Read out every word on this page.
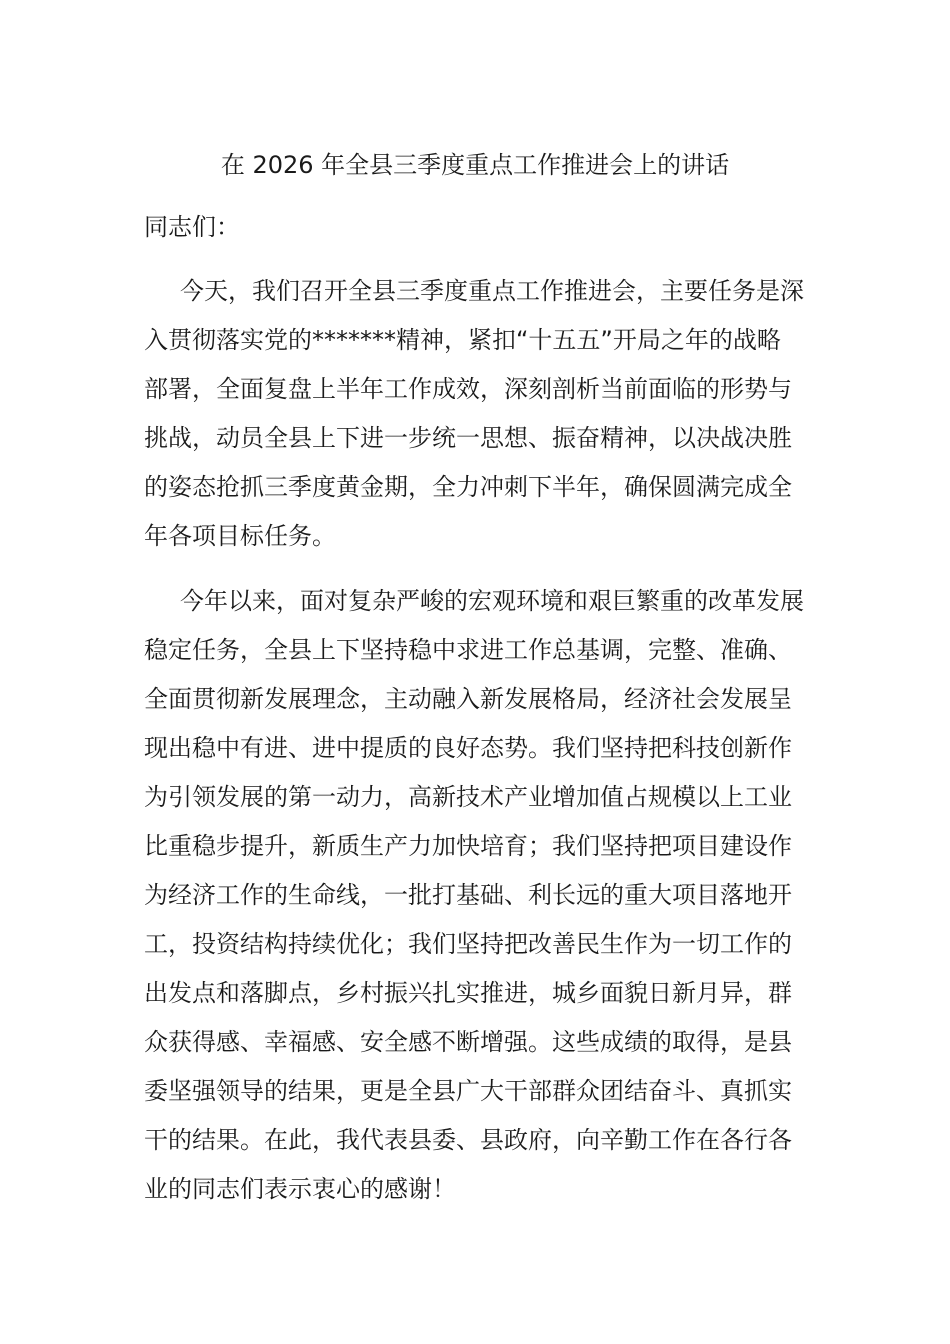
在 2026 年全县三季度重点工作推进会上的讲话
同志们：
今天，我们召开全县三季度重点工作推进会，主要任务是深
入贯彻落实党的*******精神，紧扣“十五五”开局之年的战略
部署，全面复盘上半年工作成效，深刻剖析当前面临的形势与
挑战，动员全县上下进一步统一思想、振奋精神，以决战决胜
的姿态抢抓三季度黄金期，全力冲刺下半年，确保圆满完成全
年各项目标任务。
今年以来，面对复杂严峻的宏观环境和艰巨繁重的改革发展
稳定任务，全县上下坚持稳中求进工作总基调，完整、准确、
全面贯彻新发展理念，主动融入新发展格局，经济社会发展呈
现出稳中有进、进中提质的良好态势。我们坚持把科技创新作
为引领发展的第一动力，高新技术产业增加值占规模以上工业
比重稳步提升，新质生产力加快培育；我们坚持把项目建设作
为经济工作的生命线，一批打基础、利长远的重大项目落地开
工，投资结构持续优化；我们坚持把改善民生作为一切工作的
出发点和落脚点，乡村振兴扎实推进，城乡面貌日新月异，群
众获得感、幸福感、安全感不断增强。这些成绩的取得，是县
委坚强领导的结果，更是全县广大干部群众团结奋斗、真抓实
干的结果。在此，我代表县委、县政府，向辛勤工作在各行各
业的同志们表示衷心的感谢！
